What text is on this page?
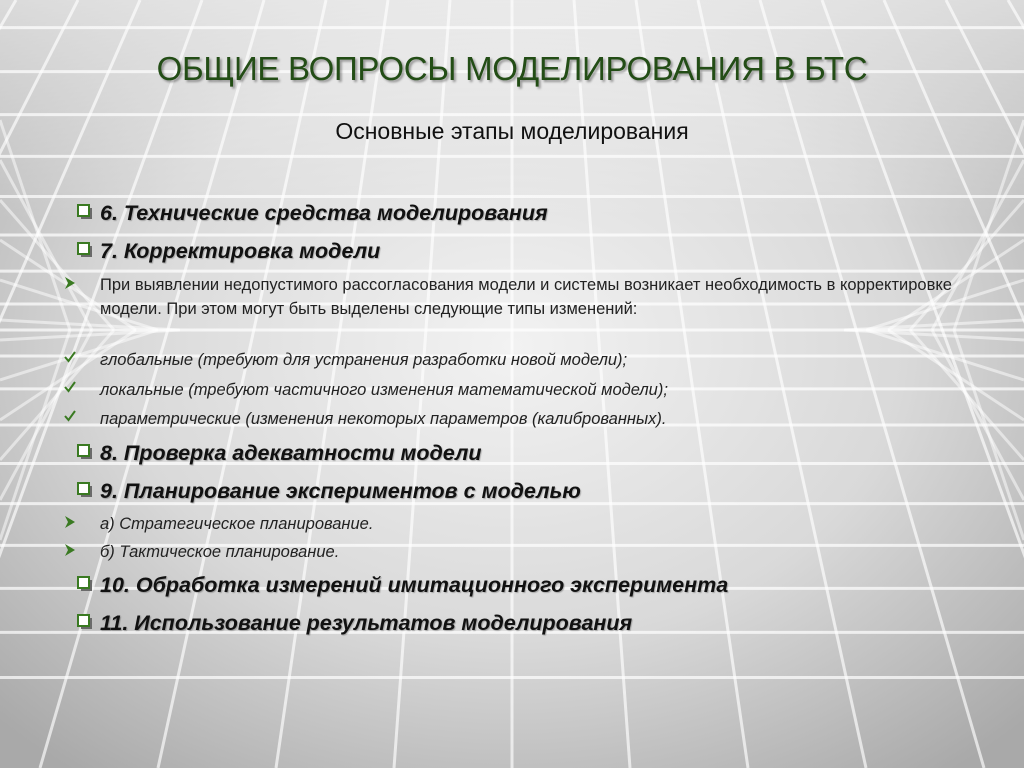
ОБЩИЕ ВОПРОСЫ МОДЕЛИРОВАНИЯ В БТС
Основные этапы моделирования
6. Технические средства моделирования
7. Корректировка модели
При выявлении недопустимого рассогласования модели и системы возникает необходимость в корректировке модели. При этом могут быть выделены следующие типы изменений:
глобальные (требуют для устранения разработки новой модели);
локальные (требуют частичного изменения математической модели);
параметрические (изменения некоторых параметров (калиброванных).
8. Проверка адекватности модели
9. Планирование экспериментов с моделью
а) Стратегическое планирование.
б) Тактическое планирование.
10. Обработка измерений имитационного эксперимента
11. Использование результатов моделирования
